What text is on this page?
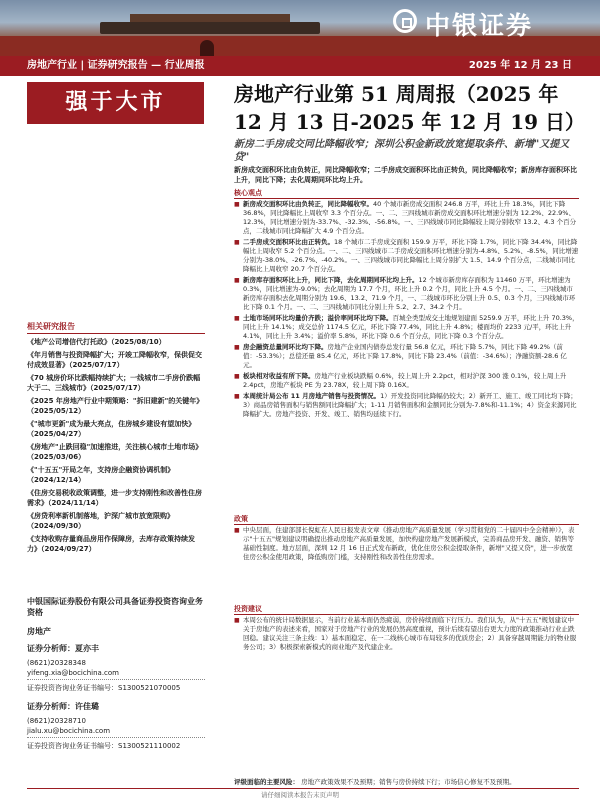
中银证券
房地产行业 | 证券研究报告 — 行业周报	2025 年 12 月 23 日
强于大市	房地产行业第 51 周周报（2025 年 12 月 13 日-2025 年 12 月 19 日）
新房二手房成交同比降幅收窄；深圳公积金新政放宽提取条件、新增"又提又贷"
新房成交面积环比由负转正，同比降幅收窄；二手房成交面积环比由正转负，同比降幅收窄；新房库存面积环比上升，同比下降；去化周期同环比均上升。
核心观点

■ 新房成交面积环比由负转正，同比降幅收窄。40 个城市新房成交面积 246.8 万平，环比上升 18.3%，同比下降 36.8%，同比降幅比上周收窄 3.3 个百分点。一、二、三四线城市新房成交面积环比增速分别为 12.2%、22.9%、12.3%，同比增速分别为-33.7%、-32.3%、-56.8%。一、三四线城市同比降幅较上周分别收窄 13.2、4.3 个百分点，二线城市同比降幅扩大 4.9 个百分点。

■ 二手房成交面积环比由正转负。18 个城市二手房成交面积 159.9 万平，环比下降 1.7%，同比下降 34.4%，同比降幅比上周收窄 5.2 个百分点。一、二、三四线城市二手房成交面积环比增速分别为-4.8%、5.2%、-8.5%，同比增速分别为-38.0%、-26.7%、-40.2%。一、三四线城市同比降幅比上周分别扩大 1.5、14.9 个百分点，二线城市同比降幅比上周收窄 20.7 个百分点。

■ 新房库存面积环比上升，同比下降，去化周期同环比均上升。12 个城市新房库存面积为 11460 万平，环比增速为 0.3%，同比增速为-9.0%；去化周期为 17.7 个月，环比上升 0.2 个月，同比上升 4.5 个月。一、二、三四线城市新房库存面积去化周期分别为 19.6、13.2、71.9 个月，一、二线城市环比分别上升 0.5、0.3 个月，三四线城市环比下降 0.1 个月。一、二、三四线城市同比分别上升 5.2、2.7、34.2 个月。

■ 土地市场同环比均量价齐跌；溢价率同环比均下降。百城全类型成交土地规划建面 5259.9 万平，环比上升 70.3%，同比上升 14.1%；成交总价 1174.5 亿元，环比下降 77.4%，同比上升 4.8%；楼面均价 2233 元/平，环比上升 4.1%，同比上升 3.4%；溢价率 5.8%，环比下降 0.6 个百分点，同比下降 0.3 个百分点。

■ 房企融资总量同环比均下降。房地产企业国内债券总发行量 56.8 亿元，环比下降 5.7%，同比下降 49.2%（前值：-53.3%）；总偿还量 85.4 亿元，环比下降 17.8%，同比下降 23.4%（前值：-34.6%）；净融资额-28.6 亿元。

■ 板块相对收益有所下降。房地产行业板块跌幅 0.6%，较上周上升 2.2pct，相对沪深 300 涨 0.1%，较上周上升 2.4pct，房地产板块 PE 为 23.78X，较上周下降 0.16X。

■ 本周统计局公布 11 月房地产销售与投资情况。1）开发投资同比降幅仍较大；2）新开工、施工、竣工同比均下降；3）商品房销售面积与销售额同比降幅扩大；1-11 月销售面积和金额同比分别为-7.8%和-11.1%；4）资金来源同比降幅扩大。房地产投资、开发、竣工、销售均延续下行。

政策

■ 中央层面，住建部部长倪虹在人民日报发表文章《推动房地产高质量发展（学习贯彻党的二十届四中全会精神）》，表示"十五五"规划建议明确提出推动房地产高质量发展，加快构建房地产发展新模式，完善商品房开发、融资、销售等基础性制度。地方层面，深圳 12 月 16 日正式发布新政，优化住房公积金提取条件，新增"又提又贷"，进一步放宽住房公积金使用政策，降低购房门槛，支持刚性和改善性住房需求。

投资建议

■ 本周公布的统计局数据显示，当前行业基本面仍然疲弱，房价持续面临下行压力。我们认为，从"十五五"规划建议中关于房地产的表述来看，国家对于房地产行业的发展仍然高度重视，预计后续有望出台更大力度的政策推动行业止跌回稳。建议关注三条主线：1）基本面稳定、在一二线核心城市布局较多的优质房企；2）具备穿越周期能力的物业服务公司；3）积极探索新模式的商业地产及代建企业。

评级面临的主要风险： 房地产政策效果不及预期；销售与房价持续下行；市场信心修复不及预期。
相关研究报告
《地产公司增信代打托政》（2025/08/10）
《年月销售与投资降幅扩大；开竣工降幅收窄，保供促交付成效显著》（2025/07/17）
《70 城房价环比跌幅持续扩大；一线城市二手房价跌幅大于二、三线城市》（2025/07/17）
《2025 年房地产行业中期策略："拆旧建新"的关键年》（2025/05/12）
《"城市更新"成为最大亮点，住房城乡建设有望加快》（2025/04/27）
《房地产"止跌回稳"加速推进，关注核心城市土地市场》（2025/03/06）
《"十五五"开局之年，支持房企融资协调机制》（2024/12/14）
《住房交易税收政策调整，进一步支持刚性和改善性住房需求》（2024/11/14）
《房贷利率新机制落地，沪深广城市放宽限购》（2024/09/30）
《支持收购存量商品房用作保障房，去库存政策持续发力》（2024/09/27）
中银国际证券股份有限公司具备证券投资咨询业务资格
房地产
证券分析师：夏亦丰
(8621)20328348
yifeng.xia@bocichina.com
证券投资咨询业务证书编号：S1300521070005
证券分析师：许佳璐
(8621)20328710
jialu.xu@bocichina.com
证券投资咨询业务证书编号：S1300521110002
请仔细阅读本报告末页声明
